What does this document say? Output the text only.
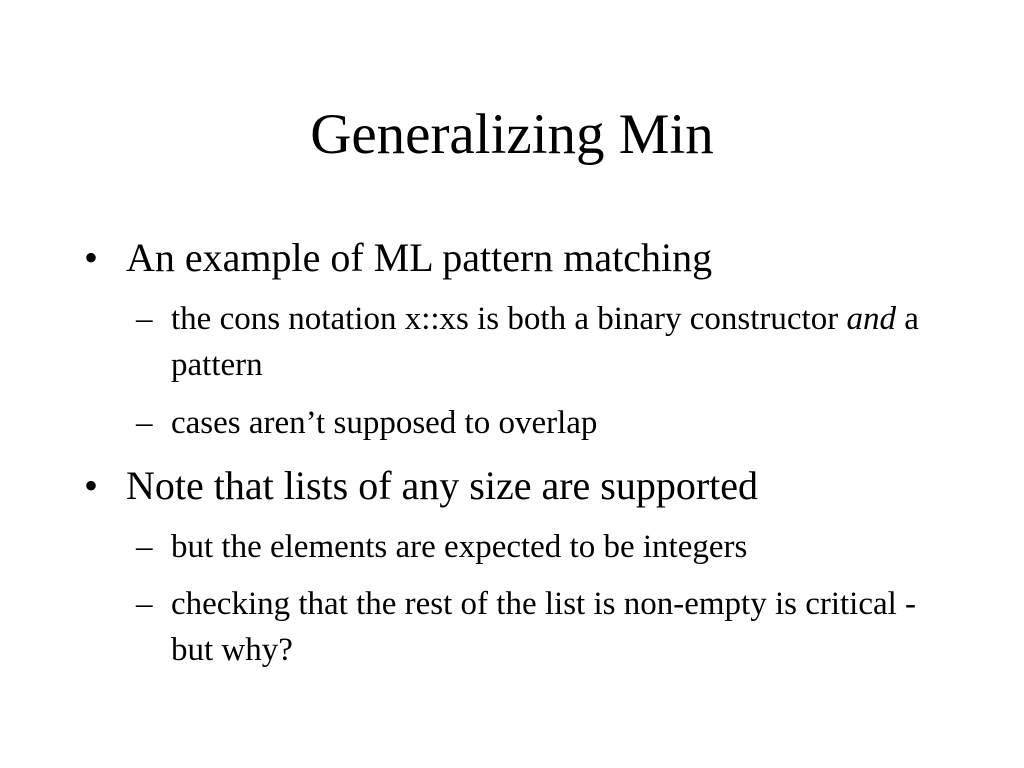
Generalizing Min
• An example of ML pattern matching
– the cons notation x::xs is both a binary constructor and a pattern
– cases aren’t supposed to overlap
• Note that lists of any size are supported
– but the elements are expected to be integers
– checking that the rest of the list is non-empty is critical - but why?
